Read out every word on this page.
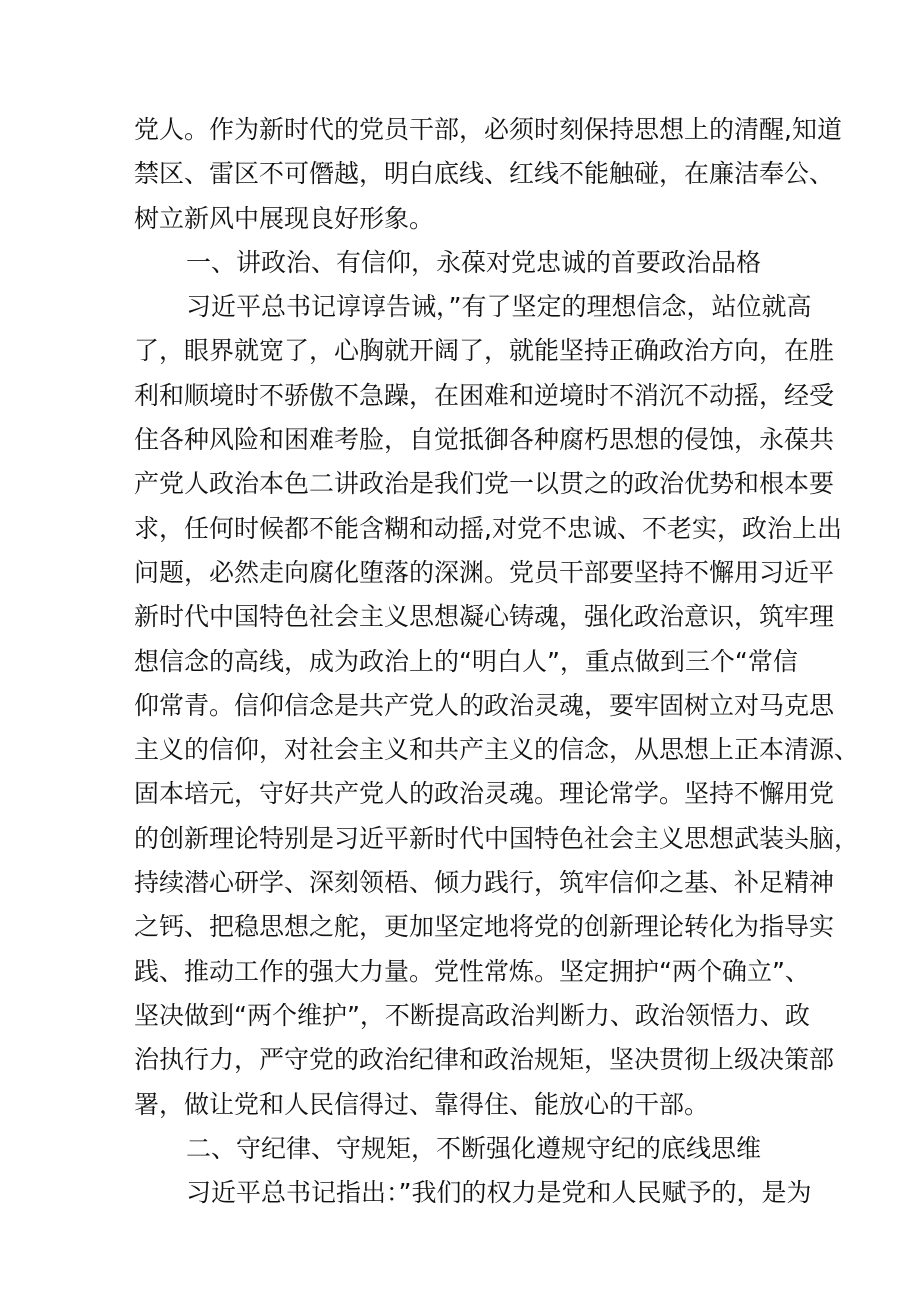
党人。作为新时代的党员干部，必须时刻保持思想上的清醒,知道
禁区、雷区不可僭越，明白底线、红线不能触碰，在廉洁奉公、
树立新风中展现良好形象。
一、讲政治、有信仰，永葆对党忠诚的首要政治品格
习近平总书记谆谆告诫，”有了坚定的理想信念，站位就高
了，眼界就宽了，心胸就开阔了，就能坚持正确政治方向，在胜
利和顺境时不骄傲不急躁，在困难和逆境时不消沉不动摇，经受
住各种风险和困难考脸，自觉抵御各种腐朽思想的侵蚀，永葆共
产党人政治本色二讲政治是我们党一以贯之的政治优势和根本要
求，任何时候都不能含糊和动摇,对党不忠诚、不老实，政治上出
问题，必然走向腐化堕落的深渊。党员干部要坚持不懈用习近平
新时代中国特色社会主义思想凝心铸魂，强化政治意识，筑牢理
想信念的高线，成为政治上的“明白人”，重点做到三个“常信
仰常青。信仰信念是共产党人的政治灵魂，要牢固树立对马克思
主义的信仰，对社会主义和共产主义的信念，从思想上正本清源、
固本培元，守好共产党人的政治灵魂。理论常学。坚持不懈用党
的创新理论特别是习近平新时代中国特色社会主义思想武装头脑，
持续潜心研学、深刻领梧、倾力践行，筑牢信仰之基、补足精神
之钙、把稳思想之舵，更加坚定地将党的创新理论转化为指导实
践、推动工作的强大力量。党性常炼。坚定拥护“两个确立”、
坚决做到“两个维护”，不断提高政治判断力、政治领悟力、政
治执行力，严守党的政治纪律和政治规矩，坚决贯彻上级决策部
署，做让党和人民信得过、靠得住、能放心的干部。
二、守纪律、守规矩，不断强化遵规守纪的底线思维
习近平总书记指出：”我们的权力是党和人民赋予的，是为
